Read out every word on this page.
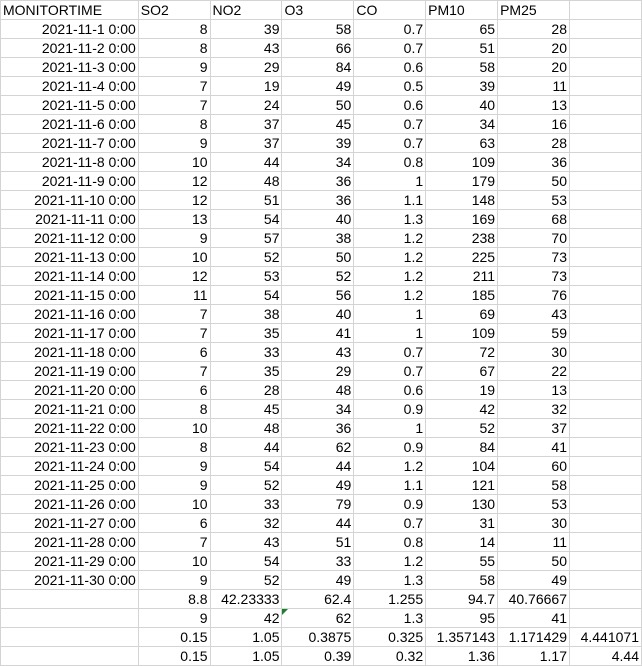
MONITORTIME	SO2	NO2	O3	CO	PM10	PM25	
2021-11-1 0:00	8	39	58	0.7	65	28	
2021-11-2 0:00	8	43	66	0.7	51	20	
2021-11-3 0:00	9	29	84	0.6	58	20	
2021-11-4 0:00	7	19	49	0.5	39	11	
2021-11-5 0:00	7	24	50	0.6	40	13	
2021-11-6 0:00	8	37	45	0.7	34	16	
2021-11-7 0:00	9	37	39	0.7	63	28	
2021-11-8 0:00	10	44	34	0.8	109	36	
2021-11-9 0:00	12	48	36	1	179	50	
2021-11-10 0:00	12	51	36	1.1	148	53	
2021-11-11 0:00	13	54	40	1.3	169	68	
2021-11-12 0:00	9	57	38	1.2	238	70	
2021-11-13 0:00	10	52	50	1.2	225	73	
2021-11-14 0:00	12	53	52	1.2	211	73	
2021-11-15 0:00	11	54	56	1.2	185	76	
2021-11-16 0:00	7	38	40	1	69	43	
2021-11-17 0:00	7	35	41	1	109	59	
2021-11-18 0:00	6	33	43	0.7	72	30	
2021-11-19 0:00	7	35	29	0.7	67	22	
2021-11-20 0:00	6	28	48	0.6	19	13	
2021-11-21 0:00	8	45	34	0.9	42	32	
2021-11-22 0:00	10	48	36	1	52	37	
2021-11-23 0:00	8	44	62	0.9	84	41	
2021-11-24 0:00	9	54	44	1.2	104	60	
2021-11-25 0:00	9	52	49	1.1	121	58	
2021-11-26 0:00	10	33	79	0.9	130	53	
2021-11-27 0:00	6	32	44	0.7	31	30	
2021-11-28 0:00	7	43	51	0.8	14	11	
2021-11-29 0:00	10	54	33	1.2	55	50	
2021-11-30 0:00	9	52	49	1.3	58	49	
	8.8	42.23333	62.4	1.255	94.7	40.76667	
	9	42	62	1.3	95	41	
	0.15	1.05	0.3875	0.325	1.357143	1.171429	4.441071
	0.15	1.05	0.39	0.32	1.36	1.17	4.44
